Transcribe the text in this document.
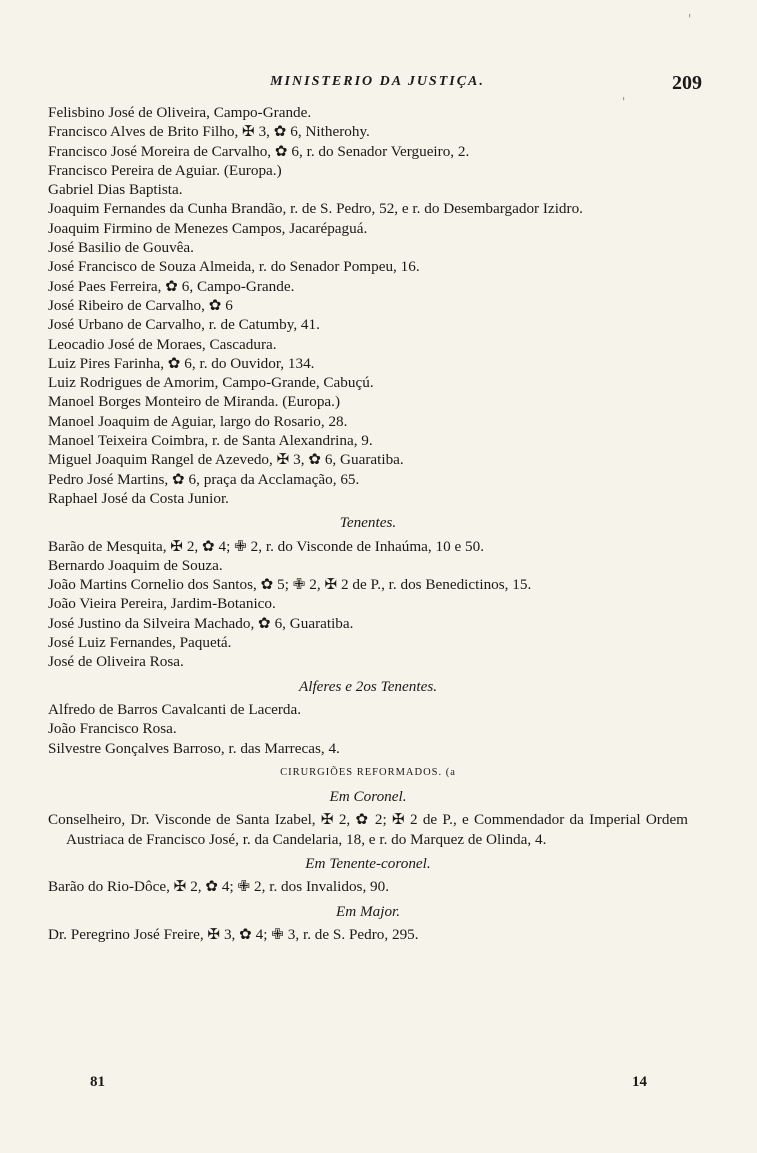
MINISTERIO DA JUSTIÇA.	209
Felisbino José de Oliveira, Campo-Grande.
Francisco Alves de Brito Filho, ✠ 3, ✿ 6, Nitherohy.
Francisco José Moreira de Carvalho, ✿ 6, r. do Senador Vergueiro, 2.
Francisco Pereira de Aguiar. (Europa.)
Gabriel Dias Baptista.
Joaquim Fernandes da Cunha Brandão, r. de S. Pedro, 52, e r. do Desembargador Izidro.
Joaquim Firmino de Menezes Campos, Jacarépaguá.
José Basilio de Gouvêa.
José Francisco de Souza Almeida, r. do Senador Pompeu, 16.
José Paes Ferreira, ✿ 6, Campo-Grande.
José Ribeiro de Carvalho, ✿ 6
José Urbano de Carvalho, r. de Catumby, 41.
Leocadio José de Moraes, Cascadura.
Luiz Pires Farinha, ✿ 6, r. do Ouvidor, 134.
Luiz Rodrigues de Amorim, Campo-Grande, Cabuçú.
Manoel Borges Monteiro de Miranda. (Europa.)
Manoel Joaquim de Aguiar, largo do Rosario, 28.
Manoel Teixeira Coimbra, r. de Santa Alexandrina, 9.
Miguel Joaquim Rangel de Azevedo, ✠ 3, ✿ 6, Guaratiba.
Pedro José Martins, ✿ 6, praça da Acclamação, 65.
Raphael José da Costa Junior.
Tenentes.
Barão de Mesquita, ✠ 2, ✿ 4; ✙ 2, r. do Visconde de Inhaúma, 10 e 50.
Bernardo Joaquim de Souza.
João Martins Cornelio dos Santos, ✿ 5; ✙ 2, ✠ 2 de P., r. dos Benedictinos, 15.
João Vieira Pereira, Jardim-Botanico.
José Justino da Silveira Machado, ✿ 6, Guaratiba.
José Luiz Fernandes, Paquetá.
José de Oliveira Rosa.
Alferes e 2os Tenentes.
Alfredo de Barros Cavalcanti de Lacerda.
João Francisco Rosa.
Silvestre Gonçalves Barroso, r. das Marrecas, 4.
CIRURGIÕES REFORMADOS. (a
Em Coronel.
Conselheiro, Dr. Visconde de Santa Izabel, ✠ 2, ✿ 2; ✠ 2 de P., e Commendador da Imperial Ordem Austriaca de Francisco José, r. da Candelaria, 18, e r. do Marquez de Olinda, 4.
Em Tenente-coronel.
Barão do Rio-Dôce, ✠ 2, ✿ 4; ✙ 2, r. dos Invalidos, 90.
Em Major.
Dr. Peregrino José Freire, ✠ 3, ✿ 4; ✙ 3, r. de S. Pedro, 295.
81	14
'
'
